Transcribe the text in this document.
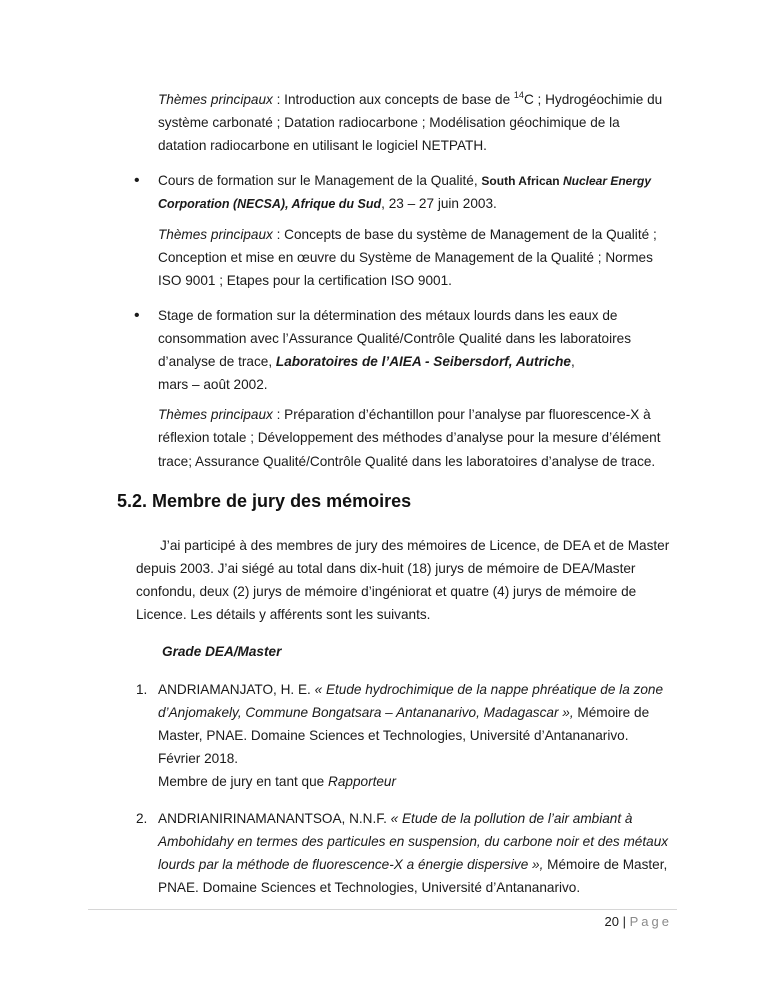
Thèmes principaux : Introduction aux concepts de base de $^{14}$C ; Hydrogéochimie du
système carbonaté ; Datation radiocarbone ; Modélisation géochimique de la
datation radiocarbone en utilisant le logiciel NETPATH.
• Cours de formation sur le Management de la Qualité, South African Nuclear Energy
Corporation (NECSA), Afrique du Sud, 23 – 27 juin 2003.
Thèmes principaux : Concepts de base du système de Management de la Qualité ;
Conception et mise en œuvre du Système de Management de la Qualité ; Normes
ISO 9001 ; Etapes pour la certification ISO 9001.
• Stage de formation sur la détermination des métaux lourds dans les eaux de
consommation avec l’Assurance Qualité/Contrôle Qualité dans les laboratoires
d’analyse de trace, Laboratoires de l’AIEA - Seibersdorf, Autriche,
mars – août 2002.
Thèmes principaux : Préparation d’échantillon pour l’analyse par fluorescence-X à
réflexion totale ; Développement des méthodes d’analyse pour la mesure d’élément
trace; Assurance Qualité/Contrôle Qualité dans les laboratoires d’analyse de trace.
5.2. Membre de jury des mémoires
J’ai participé à des membres de jury des mémoires de Licence, de DEA et de Master
depuis 2003. J’ai siégé au total dans dix-huit (18) jurys de mémoire de DEA/Master
confondu, deux (2) jurys de mémoire d’ingéniorat et quatre (4) jurys de mémoire de
Licence. Les détails y afférents sont les suivants.
Grade DEA/Master
1. ANDRIAMANJATO, H. E. « Etude hydrochimique de la nappe phréatique de la zone
d’Anjomakely, Commune Bongatsara – Antananarivo, Madagascar », Mémoire de
Master, PNAE. Domaine Sciences et Technologies, Université d’Antananarivo.
Février 2018.
Membre de jury en tant que Rapporteur
2. ANDRIANIRINAMANANTSOA, N.N.F. « Etude de la pollution de l’air ambiant à
Ambohidahy en termes des particules en suspension, du carbone noir et des métaux
lourds par la méthode de fluorescence-X a énergie dispersive », Mémoire de Master,
PNAE. Domaine Sciences et Technologies, Université d’Antananarivo.
20 | Page
